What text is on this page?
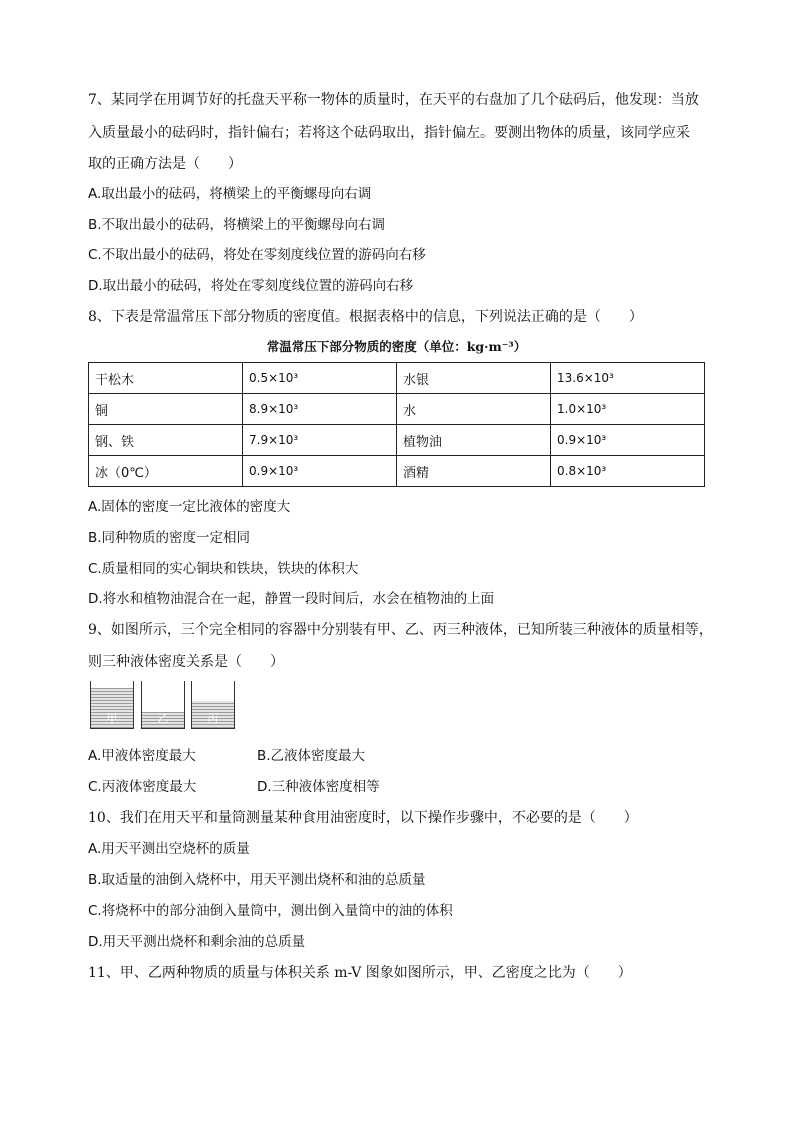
7、某同学在用调节好的托盘天平称一物体的质量时，在天平的右盘加了几个砝码后，他发现：当放
入质量最小的砝码时，指针偏右；若将这个砝码取出，指针偏左。要测出物体的质量，该同学应采
取的正确方法是（　　）
A.取出最小的砝码，将横梁上的平衡螺母向右调
B.不取出最小的砝码，将横梁上的平衡螺母向右调
C.不取出最小的砝码，将处在零刻度线位置的游码向右移
D.取出最小的砝码，将处在零刻度线位置的游码向右移
8、下表是常温常压下部分物质的密度值。根据表格中的信息，下列说法正确的是（　　）
常温常压下部分物质的密度（单位：kg·m⁻³）
干松木	0.5×10³	水银	13.6×10³
铜	8.9×10³	水	1.0×10³
钢、铁	7.9×10³	植物油	0.9×10³
冰（0℃）	0.9×10³	酒精	0.8×10³
A.固体的密度一定比液体的密度大
B.同种物质的密度一定相同
C.质量相同的实心铜块和铁块，铁块的体积大
D.将水和植物油混合在一起，静置一段时间后，水会在植物油的上面
9、如图所示，三个完全相同的容器中分别装有甲、乙、丙三种液体，已知所装三种液体的质量相等，
则三种液体密度关系是（　　）
甲	乙	丙
A.甲液体密度最大	B.乙液体密度最大
C.丙液体密度最大	D.三种液体密度相等
10、我们在用天平和量筒测量某种食用油密度时，以下操作步骤中，不必要的是（　　）
A.用天平测出空烧杯的质量
B.取适量的油倒入烧杯中，用天平测出烧杯和油的总质量
C.将烧杯中的部分油倒入量筒中，测出倒入量筒中的油的体积
D.用天平测出烧杯和剩余油的总质量
11、甲、乙两种物质的质量与体积关系 m-V 图象如图所示，甲、乙密度之比为（　　）
